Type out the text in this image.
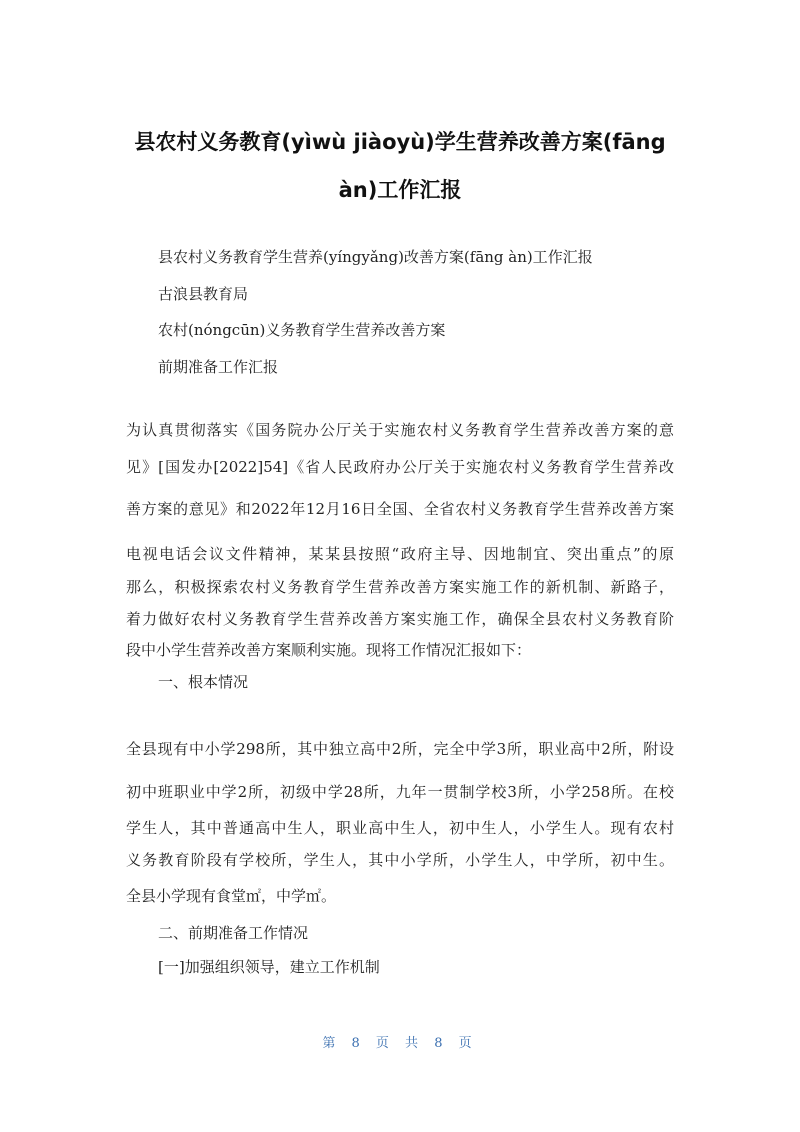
县农村义务教育(yìwù jiàoyù)学生营养改善方案(fāng
àn)工作汇报

县农村义务教育学生营养(yíngyǎng)改善方案(fāng àn)工作汇报

古浪县教育局

农村(nóngcūn)义务教育学生营养改善方案

前期准备工作汇报

为认真贯彻落实《国务院办公厅关于实施农村义务教育学生营养改善方案的意

见》[国发办[2022]54]《省人民政府办公厅关于实施农村义务教育学生营养改

善方案的意见》和2022年12月16日全国、全省农村义务教育学生营养改善方案

电视电话会议文件精神，某某县按照“政府主导、因地制宜、突出重点”的原

那么，积极探索农村义务教育学生营养改善方案实施工作的新机制、新路子，

着力做好农村义务教育学生营养改善方案实施工作，确保全县农村义务教育阶

段中小学生营养改善方案顺利实施。现将工作情况汇报如下：

一、根本情况

全县现有中小学298所，其中独立高中2所，完全中学3所，职业高中2所，附设

初中班职业中学2所，初级中学28所，九年一贯制学校3所，小学258所。在校

学生人，其中普通高中生人，职业高中生人，初中生人，小学生人。现有农村

义务教育阶段有学校所，学生人，其中小学所，小学生人，中学所，初中生。

全县小学现有食堂㎡，中学㎡。

二、前期准备工作情况

[一]加强组织领导，建立工作机制

第 8 页 共 8 页
